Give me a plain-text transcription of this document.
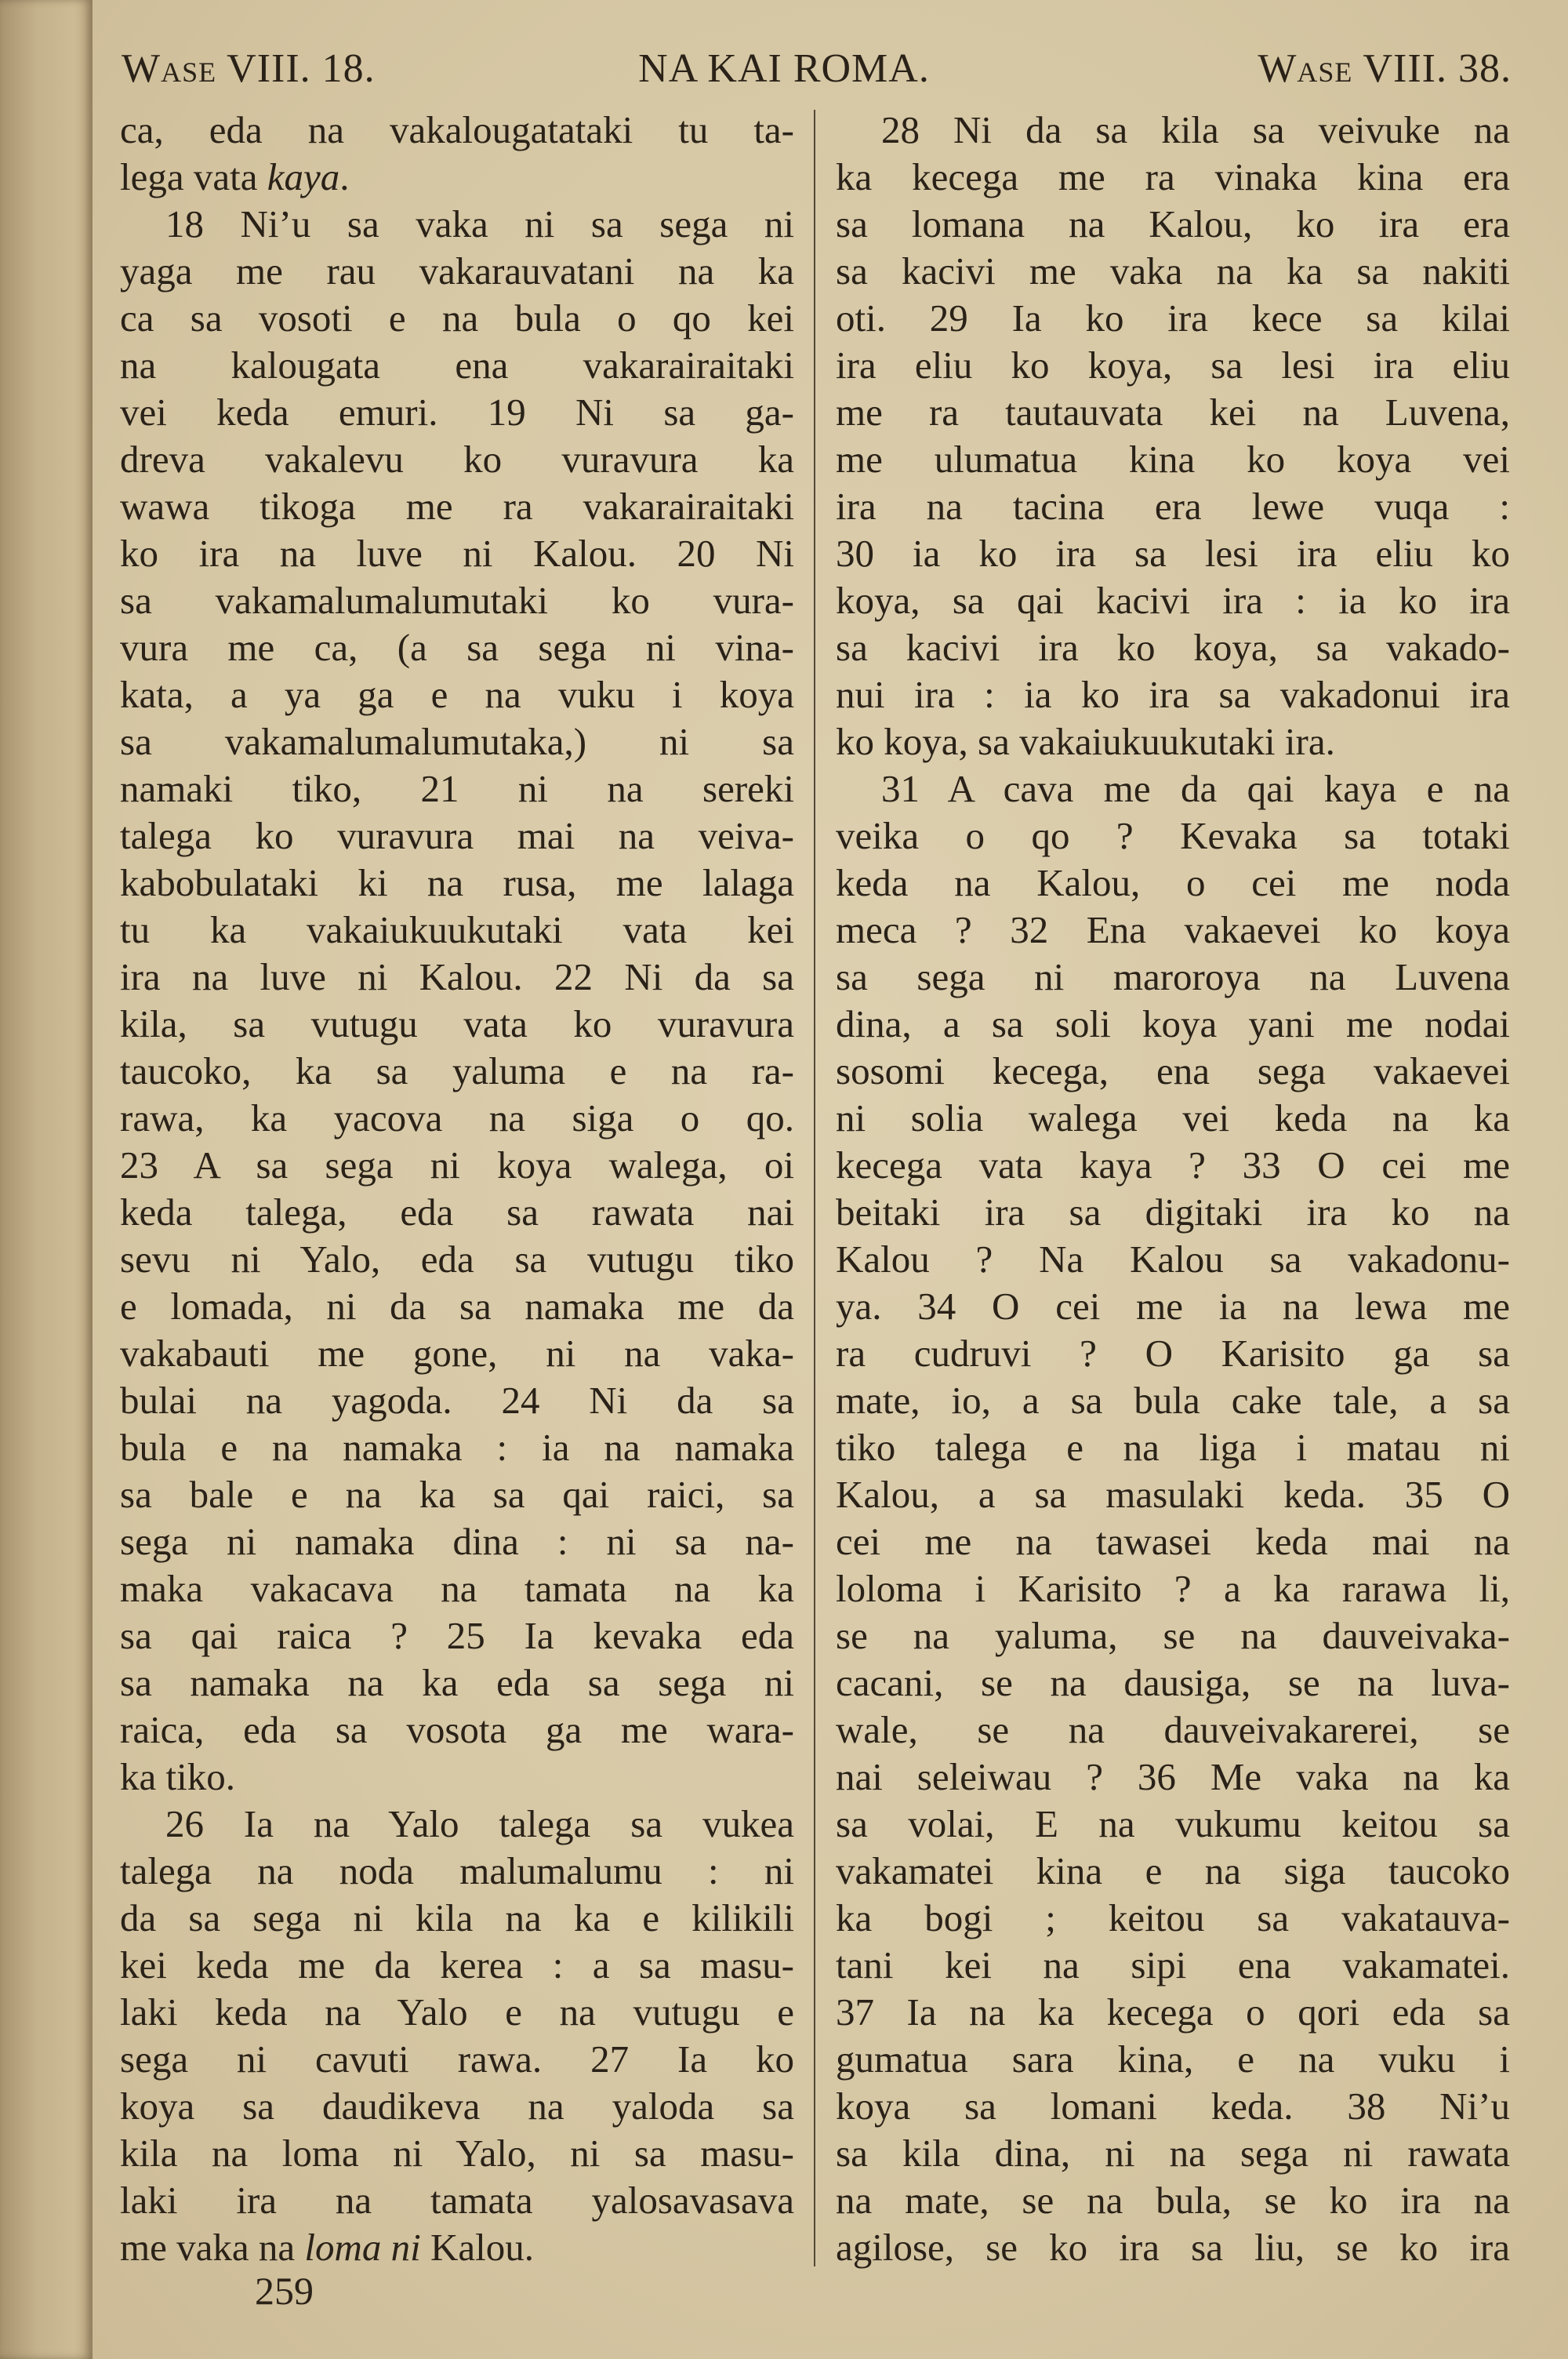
Wase VIII. 18.	NA KAI ROMA.	Wase VIII. 38.
ca, eda na vakalougatataki tu ta-
lega vata kaya.
18 Ni’u sa vaka ni sa sega ni
yaga me rau vakarauvatani na ka
ca sa vosoti e na bula o qo kei
na kalougata ena vakarairaitaki
vei keda emuri. 19 Ni sa ga-
dreva vakalevu ko vuravura ka
wawa tikoga me ra vakarairaitaki
ko ira na luve ni Kalou. 20 Ni
sa vakamalumalumutaki ko vura-
vura me ca, (a sa sega ni vina-
kata, a ya ga e na vuku i koya
sa vakamalumalumutaka,) ni sa
namaki tiko, 21 ni na sereki
talega ko vuravura mai na veiva-
kabobulataki ki na rusa, me lalaga
tu ka vakaiukuukutaki vata kei
ira na luve ni Kalou. 22 Ni da sa
kila, sa vutugu vata ko vuravura
taucoko, ka sa yaluma e na ra-
rawa, ka yacova na siga o qo.
23 A sa sega ni koya walega, oi
keda talega, eda sa rawata nai
sevu ni Yalo, eda sa vutugu tiko
e lomada, ni da sa namaka me da
vakabauti me gone, ni na vaka-
bulai na yagoda. 24 Ni da sa
bula e na namaka : ia na namaka
sa bale e na ka sa qai raici, sa
sega ni namaka dina : ni sa na-
maka vakacava na tamata na ka
sa qai raica ? 25 Ia kevaka eda
sa namaka na ka eda sa sega ni
raica, eda sa vosota ga me wara-
ka tiko.
26 Ia na Yalo talega sa vukea
talega na noda malumalumu : ni
da sa sega ni kila na ka e kilikili
kei keda me da kerea : a sa masu-
laki keda na Yalo e na vutugu e
sega ni cavuti rawa. 27 Ia ko
koya sa daudikeva na yaloda sa
kila na loma ni Yalo, ni sa masu-
laki ira na tamata yalosavasava
me vaka na loma ni Kalou.
28 Ni da sa kila sa veivuke na
ka kecega me ra vinaka kina era
sa lomana na Kalou, ko ira era
sa kacivi me vaka na ka sa nakiti
oti. 29 Ia ko ira kece sa kilai
ira eliu ko koya, sa lesi ira eliu
me ra tautauvata kei na Luvena,
me ulumatua kina ko koya vei
ira na tacina era lewe vuqa :
30 ia ko ira sa lesi ira eliu ko
koya, sa qai kacivi ira : ia ko ira
sa kacivi ira ko koya, sa vakado-
nui ira : ia ko ira sa vakadonui ira
ko koya, sa vakaiukuukutaki ira.
31 A cava me da qai kaya e na
veika o qo ? Kevaka sa totaki
keda na Kalou, o cei me noda
meca ? 32 Ena vakaevei ko koya
sa sega ni maroroya na Luvena
dina, a sa soli koya yani me nodai
sosomi kecega, ena sega vakaevei
ni solia walega vei keda na ka
kecega vata kaya ? 33 O cei me
beitaki ira sa digitaki ira ko na
Kalou ? Na Kalou sa vakadonu-
ya. 34 O cei me ia na lewa me
ra cudruvi ? O Karisito ga sa
mate, io, a sa bula cake tale, a sa
tiko talega e na liga i matau ni
Kalou, a sa masulaki keda. 35 O
cei me na tawasei keda mai na
loloma i Karisito ? a ka rarawa li,
se na yaluma, se na dauveivaka-
cacani, se na dausiga, se na luva-
wale, se na dauveivakarerei, se
nai seleiwau ? 36 Me vaka na ka
sa volai, E na vukumu keitou sa
vakamatei kina e na siga taucoko
ka bogi ; keitou sa vakatauva-
tani kei na sipi ena vakamatei.
37 Ia na ka kecega o qori eda sa
gumatua sara kina, e na vuku i
koya sa lomani keda. 38 Ni’u
sa kila dina, ni na sega ni rawata
na mate, se na bula, se ko ira na
agilose, se ko ira sa liu, se ko ira
259
